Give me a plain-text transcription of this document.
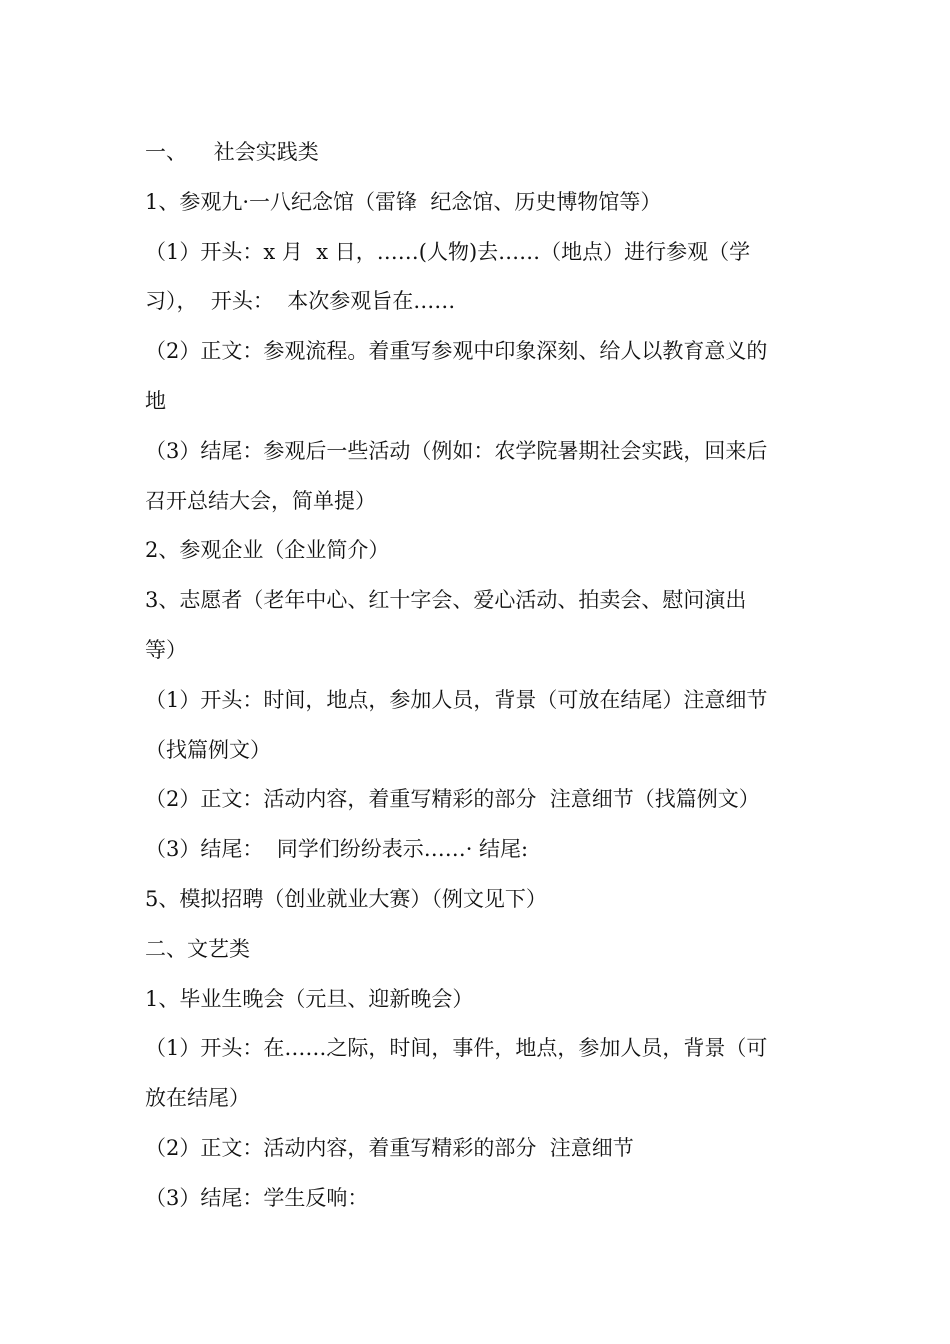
一、    社会实践类
1、参观九·一八纪念馆（雷锋  纪念馆、历史博物馆等）
（1）开头：x 月  x 日，……(人物)去……（地点）进行参观（学
习），  开头：  本次参观旨在……
（2）正文：参观流程。着重写参观中印象深刻、给人以教育意义的
地
（3）结尾：参观后一些活动（例如：农学院暑期社会实践，回来后
召开总结大会，简单提）
2、参观企业（企业简介）
3、志愿者（老年中心、红十字会、爱心活动、拍卖会、慰问演出
等）
（1）开头：时间，地点，参加人员，背景（可放在结尾）注意细节
（找篇例文）
（2）正文：活动内容，着重写精彩的部分  注意细节（找篇例文）
（3）结尾：  同学们纷纷表示……· 结尾:
5、模拟招聘（创业就业大赛）（例文见下）
二、文艺类
1、毕业生晚会（元旦、迎新晚会）
（1）开头：在……之际，时间，事件，地点，参加人员，背景（可
放在结尾）
（2）正文：活动内容，着重写精彩的部分  注意细节
（3）结尾：学生反响：
